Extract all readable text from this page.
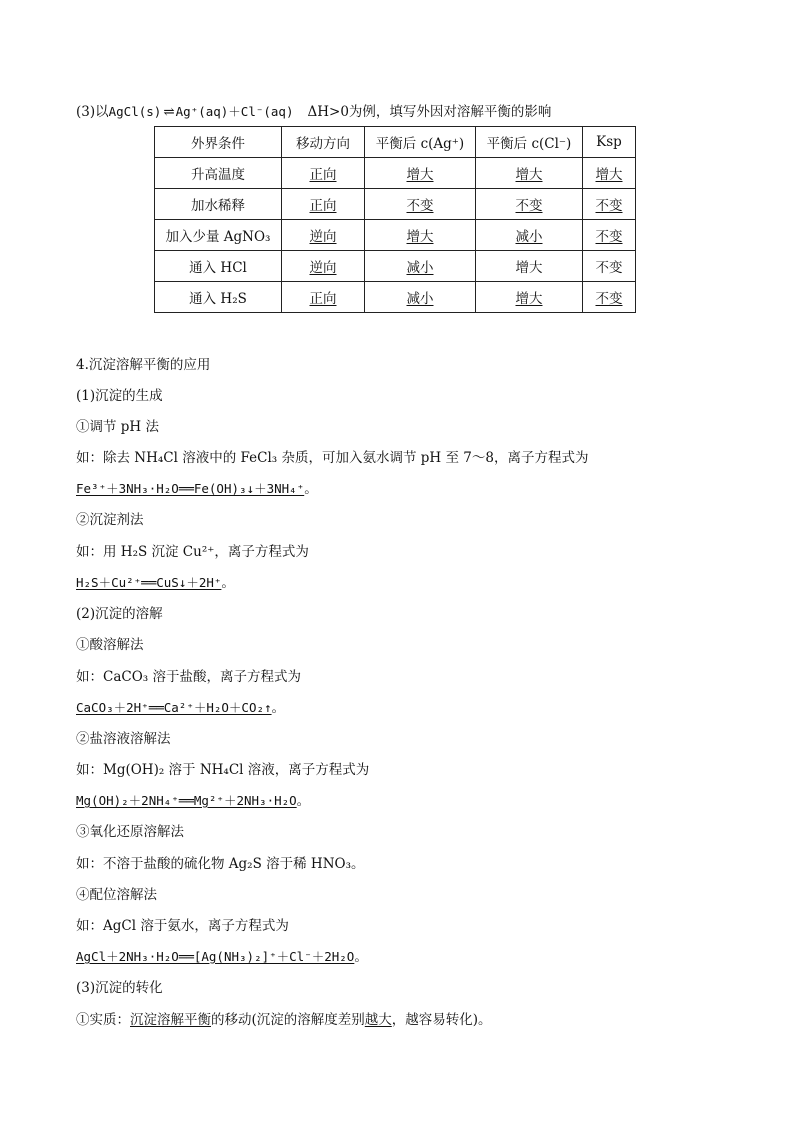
(3)以AgCl(s) ⇌ Ag⁺(aq)＋Cl⁻(aq) ΔH>0为例，填写外因对溶解平衡的影响
外界条件	移动方向	平衡后 c(Ag⁺)	平衡后 c(Cl⁻)	Ksp
升高温度	正向	增大	增大	增大
加水稀释	正向	不变	不变	不变
加入少量 AgNO₃	逆向	增大	减小	不变
通入 HCl	逆向	减小	增大	不变
通入 H₂S	正向	减小	增大	不变
4.沉淀溶解平衡的应用
(1)沉淀的生成
①调节 pH 法
如：除去 NH₄Cl 溶液中的 FeCl₃ 杂质，可加入氨水调节 pH 至 7～8，离子方程式为
Fe³⁺＋3NH₃·H₂O══Fe(OH)₃↓＋3NH₄⁺。
②沉淀剂法
如：用 H₂S 沉淀 Cu²⁺，离子方程式为
H₂S＋Cu²⁺══CuS↓＋2H⁺。
(2)沉淀的溶解
①酸溶解法
如：CaCO₃ 溶于盐酸，离子方程式为
CaCO₃＋2H⁺══Ca²⁺＋H₂O＋CO₂↑。
②盐溶液溶解法
如：Mg(OH)₂ 溶于 NH₄Cl 溶液，离子方程式为
Mg(OH)₂＋2NH₄⁺══Mg²⁺＋2NH₃·H₂O。
③氧化还原溶解法
如：不溶于盐酸的硫化物 Ag₂S 溶于稀 HNO₃。
④配位溶解法
如：AgCl 溶于氨水，离子方程式为
AgCl＋2NH₃·H₂O══[Ag(NH₃)₂]⁺＋Cl⁻＋2H₂O。
(3)沉淀的转化
①实质：沉淀溶解平衡的移动(沉淀的溶解度差别越大，越容易转化)。
